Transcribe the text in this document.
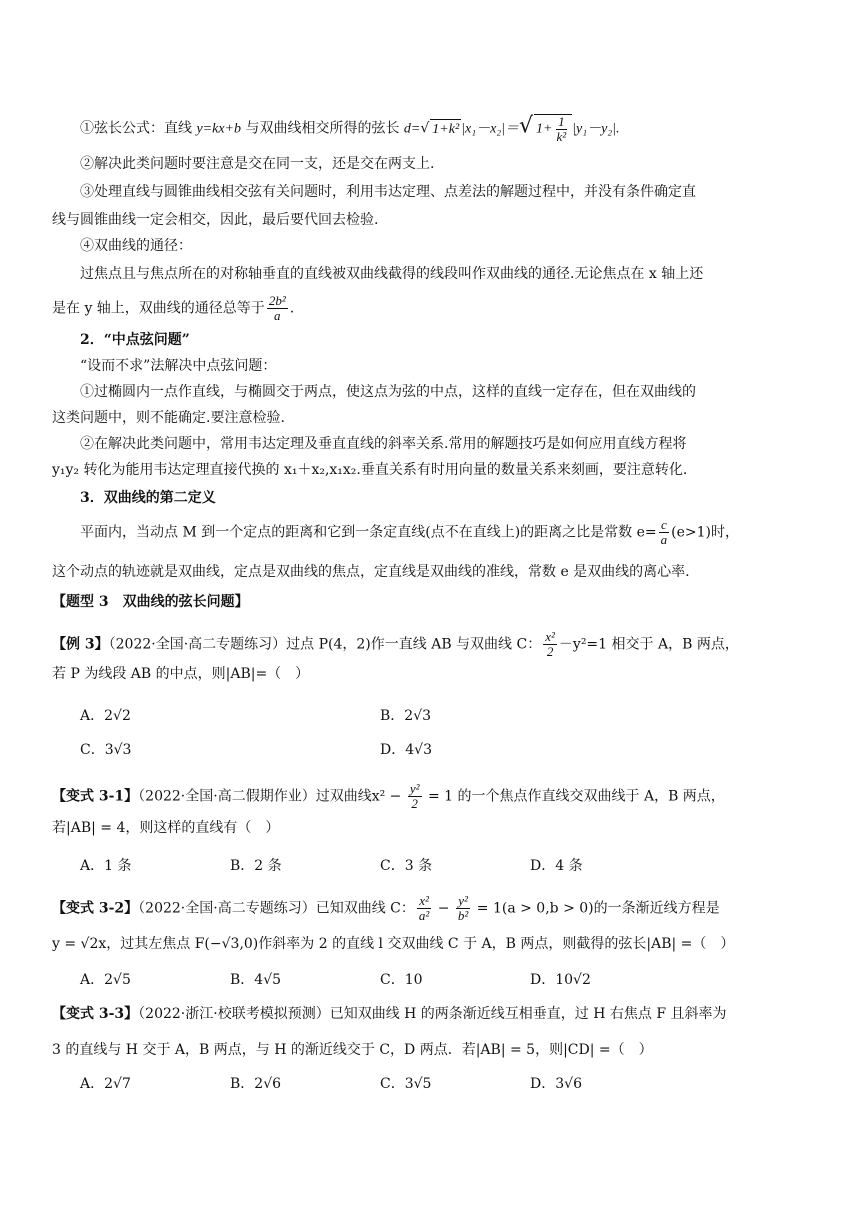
①弦长公式：直线 y=kx+b 与双曲线相交所得的弦长 d=√ 1+k² |x₁－x₂|＝√ $1+ \frac{1}{\text{k²}} |y_1-y_2|$.
②解决此类问题时要注意是交在同一支，还是交在两支上.
③处理直线与圆锥曲线相交弦有关问题时，利用韦达定理、点差法的解题过程中，并没有条件确定直
线与圆锥曲线一定会相交，因此，最后要代回去检验.
④双曲线的通径：
过焦点且与焦点所在的对称轴垂直的直线被双曲线截得的线段叫作双曲线的通径.无论焦点在 x 轴上还
是在 y 轴上，双曲线的通径总等于 $\frac{\text{2b²}}{a}$ .
2．“中点弦问题”
“设而不求”法解决中点弦问题：
①过椭圆内一点作直线，与椭圆交于两点，使这点为弦的中点，这样的直线一定存在，但在双曲线的
这类问题中，则不能确定.要注意检验.
②在解决此类问题中，常用韦达定理及垂直直线的斜率关系.常用的解题技巧是如何应用直线方程将
y₁y₂ 转化为能用韦达定理直接代换的 x₁＋x₂,x₁x₂.垂直关系有时用向量的数量关系来刻画，要注意转化.
3．双曲线的第二定义
平面内，当动点 M 到一个定点的距离和它到一条定直线(点不在直线上)的距离之比是常数 $e= \frac{c}{a} (e>1)$时，
这个动点的轨迹就是双曲线，定点是双曲线的焦点，定直线是双曲线的准线，常数 e 是双曲线的离心率.
【题型 3　双曲线的弦长问题】
【例 3】（2022·全国·高二专题练习）过点 P(4，2)作一直线 AB 与双曲线 C： $\frac{\text{x²}}{2} -y^2=1$ 相交于 A，B 两点，
若 P 为线段 AB 的中点，则|AB|=（　）
A．2√2	B．2√3
C．3√3	D．4√3
【变式 3-1】（2022·全国·高二假期作业）过双曲线$x^2 - \frac{\text{y²}}{2} = 1$ 的一个焦点作直线交双曲线于 A，B 两点，
若|AB| = 4，则这样的直线有（　）
A．1 条	B．2 条	C．3 条	D．4 条
【变式 3-2】（2022·全国·高二专题练习）已知双曲线 C： $\frac{\text{x²}}{\text{a²}} - \frac{\text{y²}}{\text{b²}} = 1(a > 0,b > 0)$的一条渐近线方程是
y = √2x，过其左焦点 F(−√3,0)作斜率为 2 的直线 l 交双曲线 C 于 A，B 两点，则截得的弦长|AB| =（　）
A．2√5	B．4√5	C．10	D．10√2
【变式 3-3】（2022·浙江·校联考模拟预测）已知双曲线 H 的两条渐近线互相垂直，过 H 右焦点 F 且斜率为
3 的直线与 H 交于 A，B 两点，与 H 的渐近线交于 C，D 两点．若|AB| = 5，则|CD| =（　）
A．2√7	B．2√6	C．3√5	D．3√6
